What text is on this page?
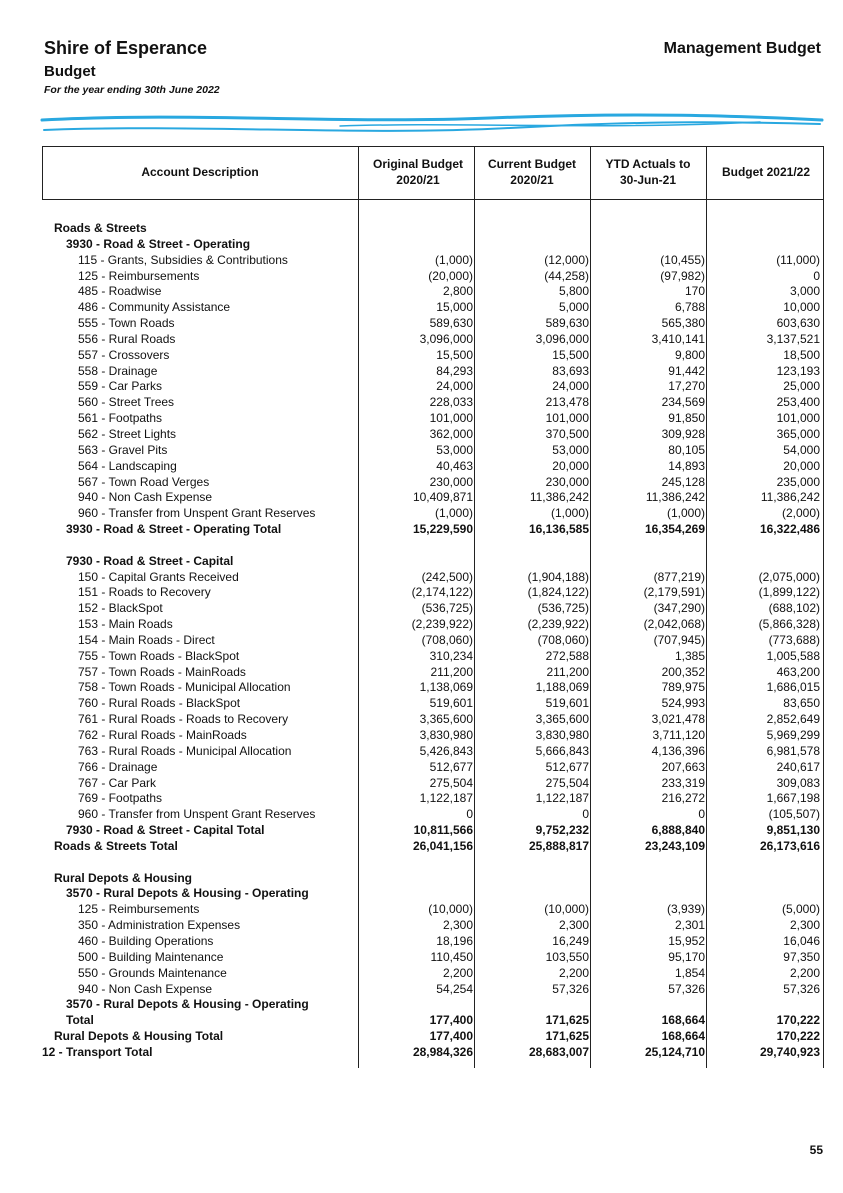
Shire of Esperance
Budget
For the year ending 30th June 2022
Management Budget
Account Description
Original Budget 2020/21
Current Budget 2020/21
YTD Actuals to 30-Jun-21
Budget 2021/22
Roads & Streets
3930 - Road & Street - Operating
115 - Grants, Subsidies & Contributions	(1,000)	(12,000)	(10,455)	(11,000)
125 - Reimbursements	(20,000)	(44,258)	(97,982)	0
485 - Roadwise	2,800	5,800	170	3,000
486 - Community Assistance	15,000	5,000	6,788	10,000
555 - Town Roads	589,630	589,630	565,380	603,630
556 - Rural Roads	3,096,000	3,096,000	3,410,141	3,137,521
557 - Crossovers	15,500	15,500	9,800	18,500
558 - Drainage	84,293	83,693	91,442	123,193
559 - Car Parks	24,000	24,000	17,270	25,000
560 - Street Trees	228,033	213,478	234,569	253,400
561 - Footpaths	101,000	101,000	91,850	101,000
562 - Street Lights	362,000	370,500	309,928	365,000
563 - Gravel Pits	53,000	53,000	80,105	54,000
564 - Landscaping	40,463	20,000	14,893	20,000
567 - Town Road Verges	230,000	230,000	245,128	235,000
940 - Non Cash Expense	10,409,871	11,386,242	11,386,242	11,386,242
960 - Transfer from Unspent Grant Reserves	(1,000)	(1,000)	(1,000)	(2,000)
3930 - Road & Street - Operating Total	15,229,590	16,136,585	16,354,269	16,322,486
7930 - Road & Street - Capital
150 - Capital Grants Received	(242,500)	(1,904,188)	(877,219)	(2,075,000)
151 - Roads to Recovery	(2,174,122)	(1,824,122)	(2,179,591)	(1,899,122)
152 - BlackSpot	(536,725)	(536,725)	(347,290)	(688,102)
153 - Main Roads	(2,239,922)	(2,239,922)	(2,042,068)	(5,866,328)
154 - Main Roads - Direct	(708,060)	(708,060)	(707,945)	(773,688)
755 - Town Roads - BlackSpot	310,234	272,588	1,385	1,005,588
757 - Town Roads - MainRoads	211,200	211,200	200,352	463,200
758 - Town Roads - Municipal Allocation	1,138,069	1,188,069	789,975	1,686,015
760 - Rural Roads - BlackSpot	519,601	519,601	524,993	83,650
761 - Rural Roads - Roads to Recovery	3,365,600	3,365,600	3,021,478	2,852,649
762 - Rural Roads - MainRoads	3,830,980	3,830,980	3,711,120	5,969,299
763 - Rural Roads - Municipal Allocation	5,426,843	5,666,843	4,136,396	6,981,578
766 - Drainage	512,677	512,677	207,663	240,617
767 - Car Park	275,504	275,504	233,319	309,083
769 - Footpaths	1,122,187	1,122,187	216,272	1,667,198
960 - Transfer from Unspent Grant Reserves	0	0	0	(105,507)
7930 - Road & Street - Capital Total	10,811,566	9,752,232	6,888,840	9,851,130
Roads & Streets Total	26,041,156	25,888,817	23,243,109	26,173,616
Rural Depots & Housing
3570 - Rural Depots & Housing - Operating
125 - Reimbursements	(10,000)	(10,000)	(3,939)	(5,000)
350 - Administration Expenses	2,300	2,300	2,301	2,300
460 - Building Operations	18,196	16,249	15,952	16,046
500 - Building Maintenance	110,450	103,550	95,170	97,350
550 - Grounds Maintenance	2,200	2,200	1,854	2,200
940 - Non Cash Expense	54,254	57,326	57,326	57,326
3570 - Rural Depots & Housing - Operating
Total	177,400	171,625	168,664	170,222
Rural Depots & Housing Total	177,400	171,625	168,664	170,222
12 - Transport Total	28,984,326	28,683,007	25,124,710	29,740,923
55
